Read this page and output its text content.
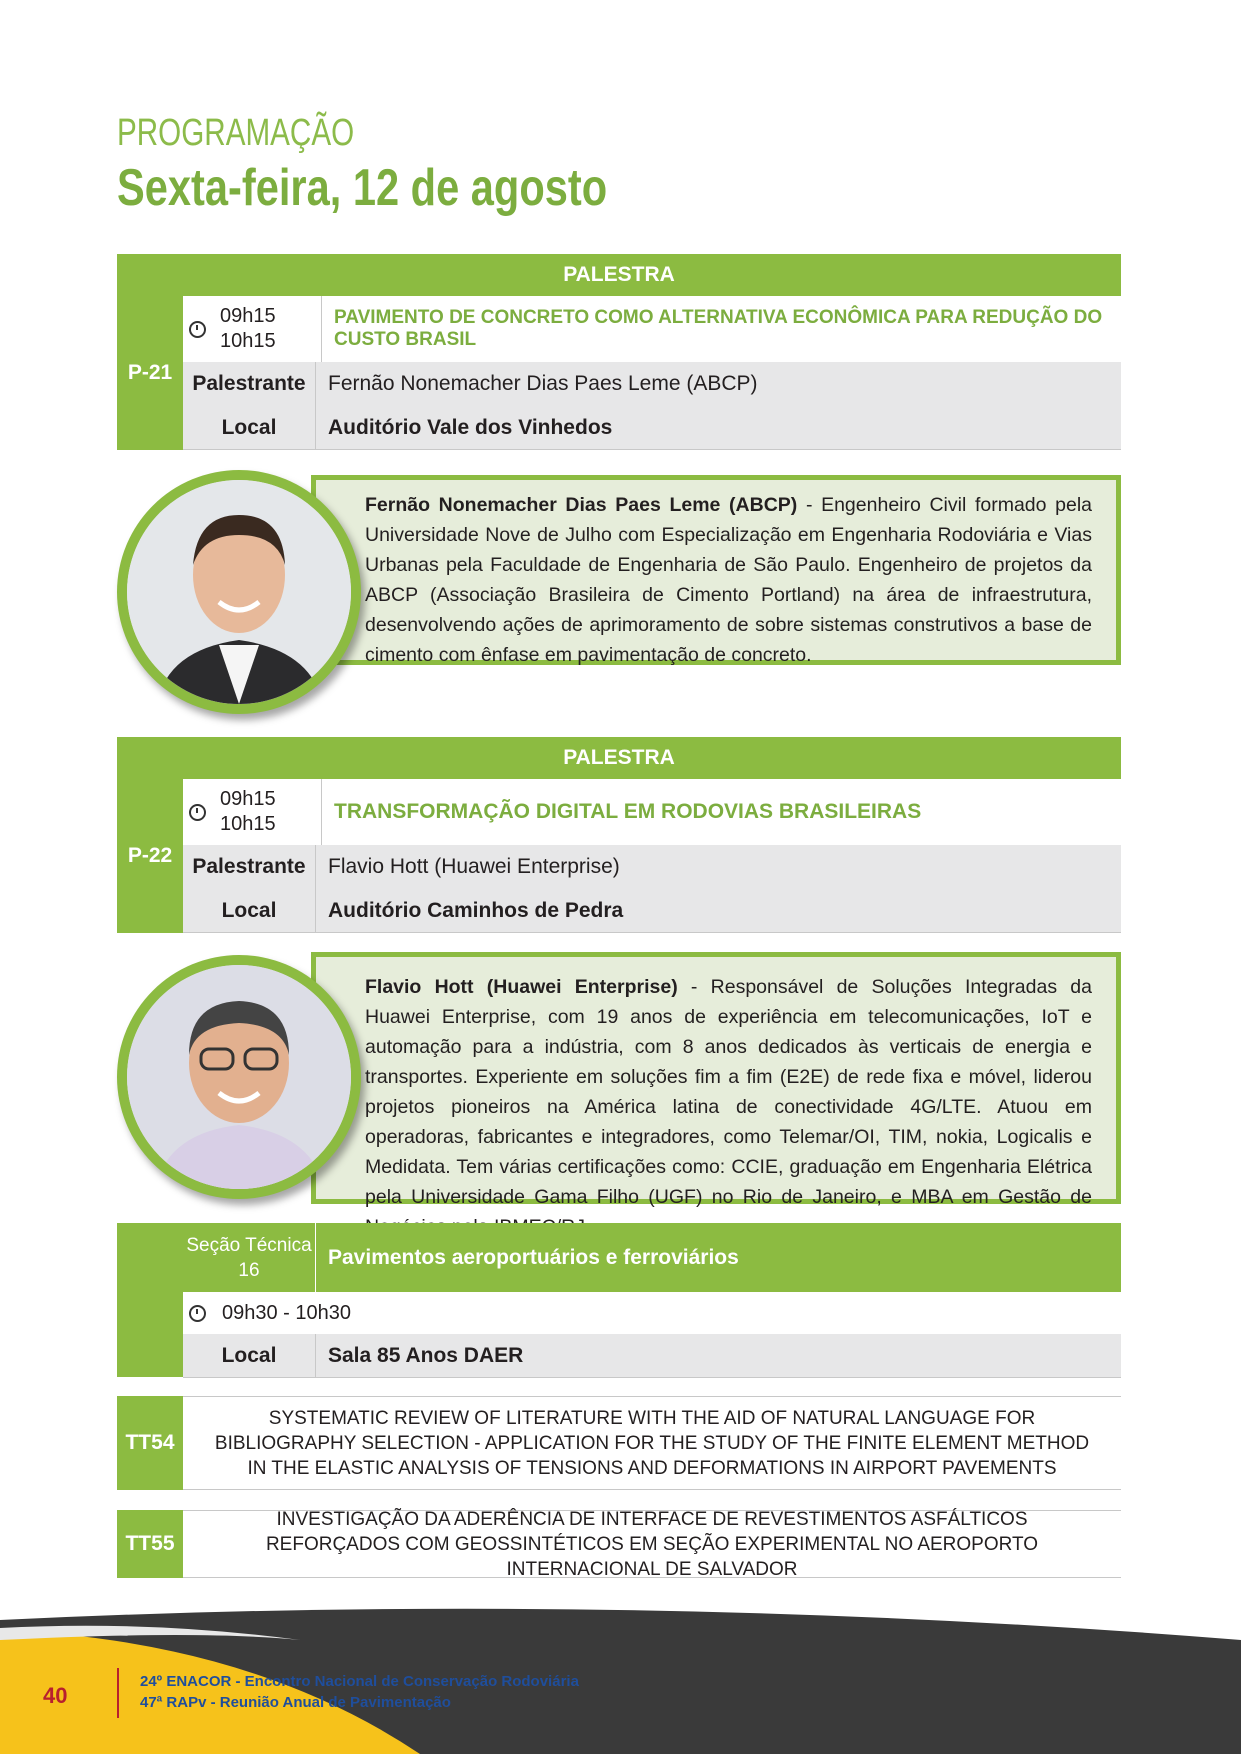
PROGRAMAÇÃO
Sexta-feira, 12 de agosto
PALESTRA
P-21
09h15
10h15
PAVIMENTO DE CONCRETO COMO ALTERNATIVA ECONÔMICA PARA REDUÇÃO DO CUSTO BRASIL
Palestrante	Fernão Nonemacher Dias Paes Leme (ABCP)
Local	Auditório Vale dos Vinhedos
Fernão Nonemacher Dias Paes Leme (ABCP) - Engenheiro Civil formado pela Universidade Nove de Julho com Especialização em Engenharia Rodoviária e Vias Urbanas pela Faculdade de Engenharia de São Paulo. Engenheiro de projetos da ABCP (Associação Brasileira de Cimento Portland) na área de infraestrutura, desenvolvendo ações de aprimoramento de sobre sistemas construtivos a base de cimento com ênfase em pavimentação de concreto.
PALESTRA
P-22
09h15
10h15
TRANSFORMAÇÃO DIGITAL EM RODOVIAS BRASILEIRAS
Palestrante	Flavio Hott (Huawei Enterprise)
Local	Auditório Caminhos de Pedra
Flavio Hott (Huawei Enterprise) - Responsável de Soluções Integradas da Huawei Enterprise, com 19 anos de experiência em telecomunicações, IoT e automação para a indústria, com 8 anos dedicados às verticais de energia e transportes. Experiente em soluções fim a fim (E2E) de rede fixa e móvel, liderou projetos pioneiros na América latina de conectividade 4G/LTE. Atuou em operadoras, fabricantes e integradores, como Telemar/OI, TIM, nokia, Logicalis e Medidata. Tem várias certificações como: CCIE, graduação em Engenharia Elétrica pela Universidade Gama Filho (UGF) no Rio de Janeiro, e MBA em Gestão de
Seção Técnica
16
Pavimentos aeroportuários e ferroviários
09h30 - 10h30
Local	Sala 85 Anos DAER
TT54
SYSTEMATIC REVIEW OF LITERATURE WITH THE AID OF NATURAL LANGUAGE FOR BIBLIOGRAPHY SELECTION - APPLICATION FOR THE STUDY OF THE FINITE ELEMENT METHOD IN THE ELASTIC ANALYSIS OF TENSIONS AND DEFORMATIONS IN AIRPORT PAVEMENTS
TT55
INVESTIGAÇÃO DA ADERÊNCIA DE INTERFACE DE REVESTIMENTOS ASFÁLTICOS REFORÇADOS COM GEOSSINTÉTICOS EM SEÇÃO EXPERIMENTAL NO AEROPORTO INTERNACIONAL DE SALVADOR
40
24º ENACOR - Encontro Nacional de Conservação Rodoviária
47ª RAPv - Reunião Anual de Pavimentação
